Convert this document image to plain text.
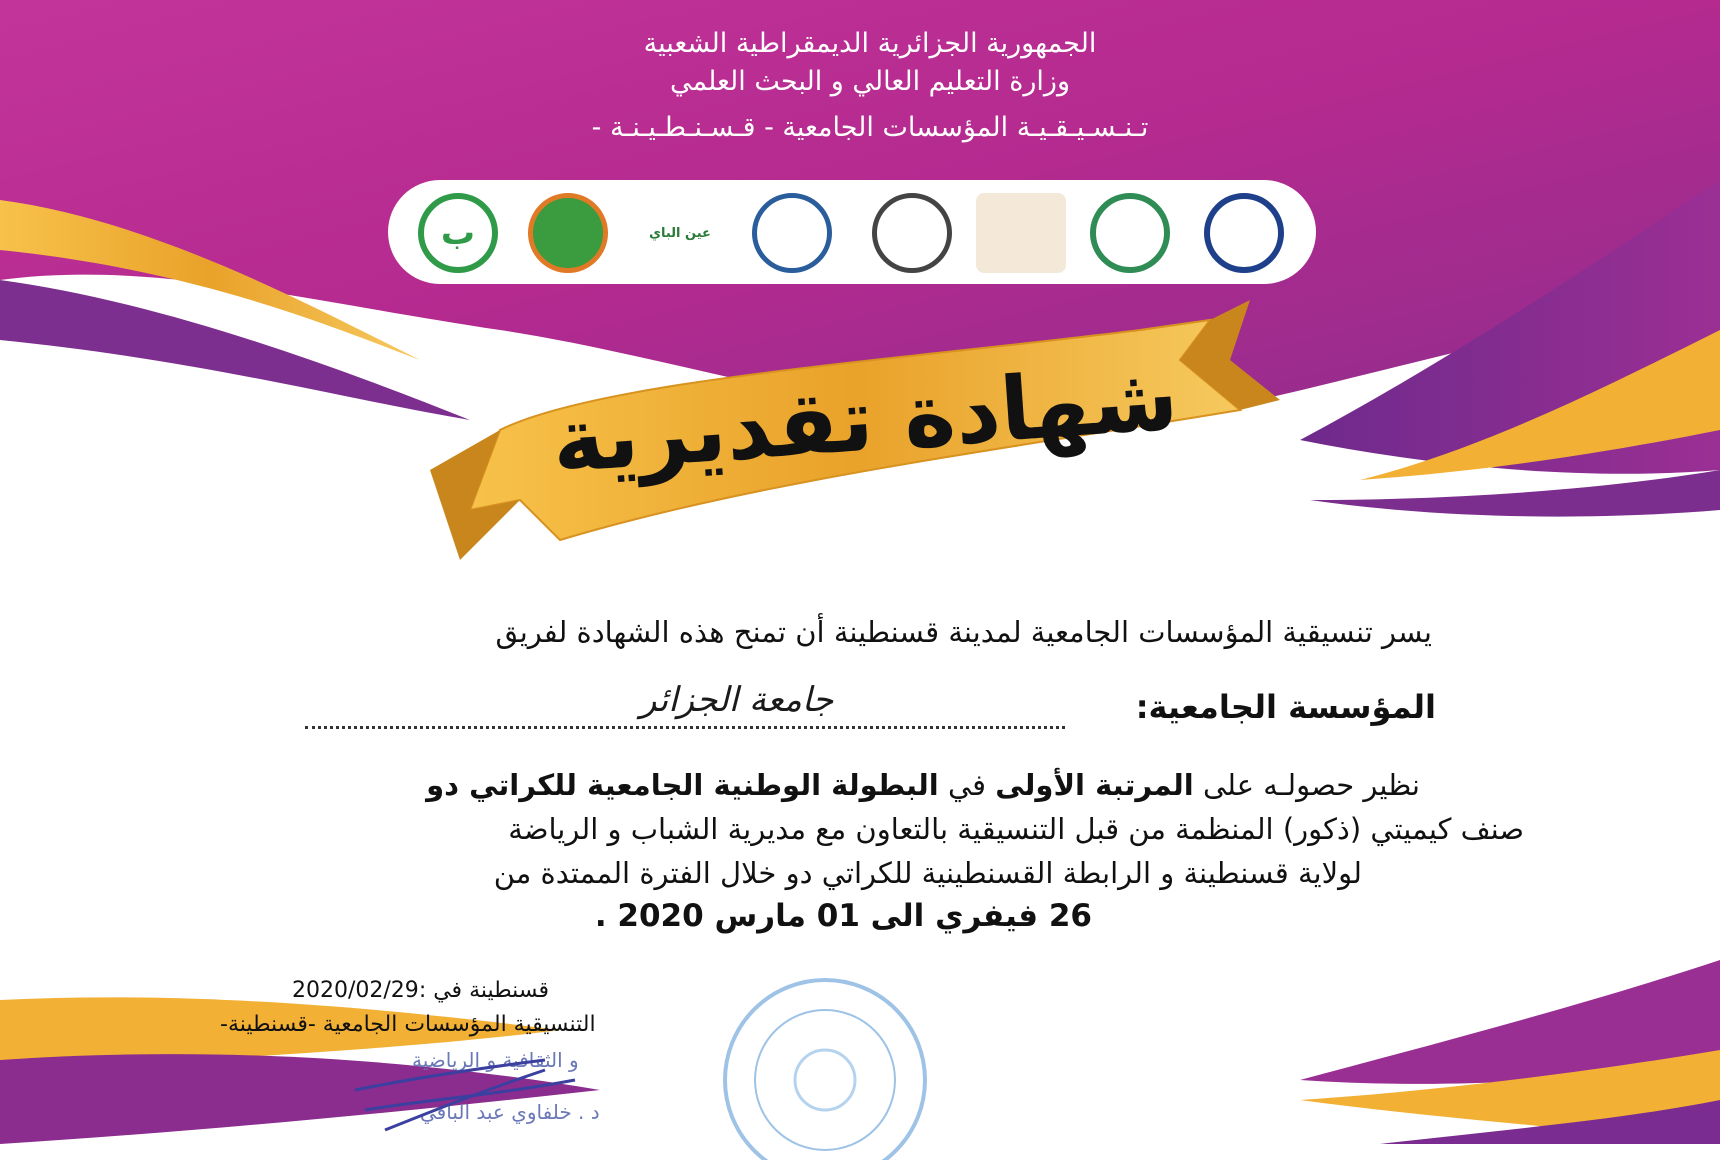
الجمهورية الجزائرية الديمقراطية الشعبية
وزارة التعليم العالي و البحث العلمي
تـنـسـيـقـيـة المؤسسات الجامعية - قـسـنـطـيـنـة -
ب	عين الباي
شهادة تقديرية
يسر تنسيقية المؤسسات الجامعية لمدينة قسنطينة أن تمنح هذه الشهادة لفريق
المؤسسة الجامعية:
جامعة الجزائر
نظير حصولـه على المرتبة الأولى في البطولة الوطنية الجامعية للكراتي دو
صنف كيميتي (ذكور) المنظمة من قبل التنسيقية بالتعاون مع مديرية الشباب و الرياضة
لولاية قسنطينة و الرابطة القسنطينية للكراتي دو خلال الفترة الممتدة من
26 فيفري الى 01 مارس 2020 .
قسنطينة في :2020/02/29
التنسيقية المؤسسات الجامعية -قسنطينة-
و الثقافية و الرياضية
د . خلفاوي عبد الباقي
